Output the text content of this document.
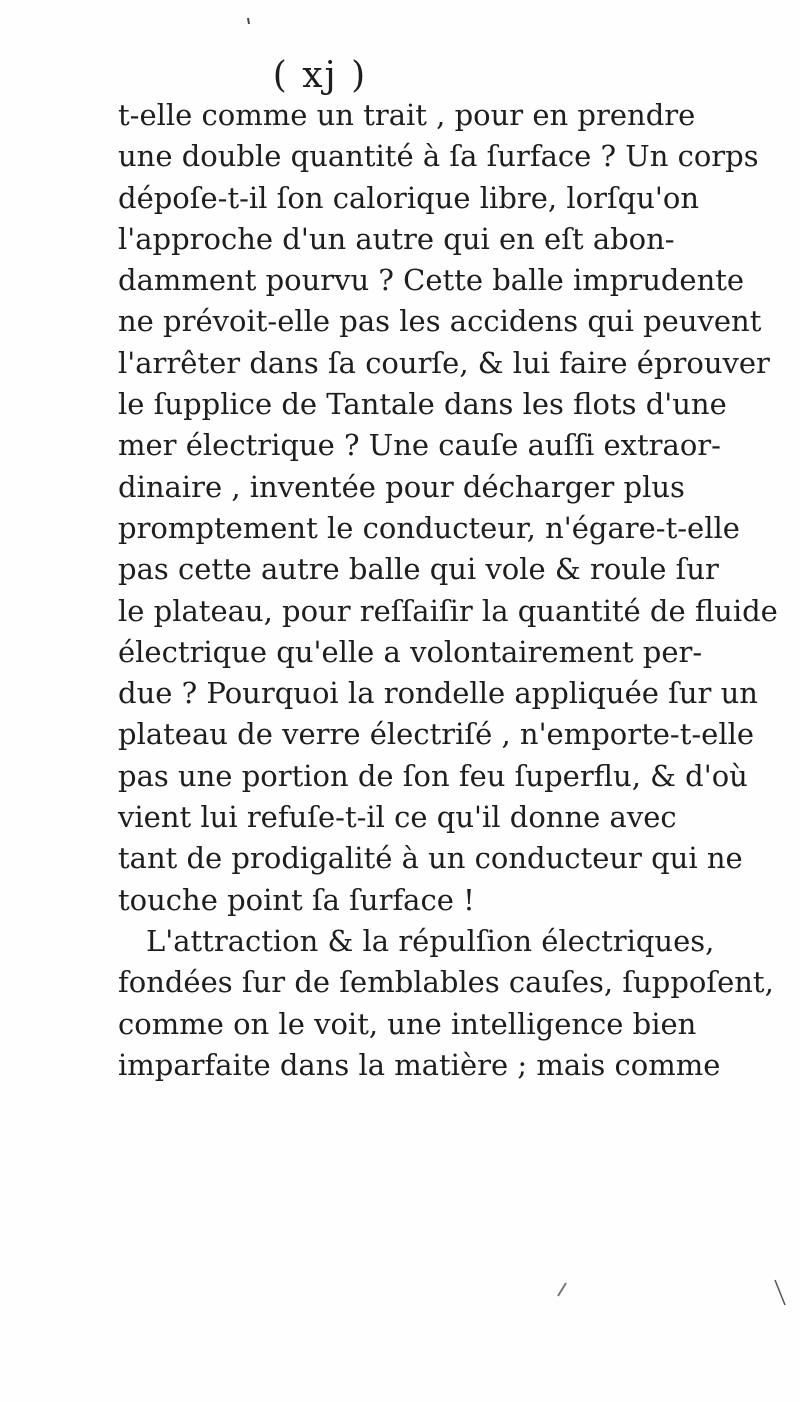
( xj )
t-elle comme un trait , pour en prendre
une double quantité à ſa ſurface ? Un corps
dépoſe-t-il ſon calorique libre, lorſqu'on
l'approche d'un autre qui en eſt abon-
damment pourvu ? Cette balle imprudente
ne prévoit-elle pas les accidens qui peuvent
l'arrêter dans ſa courſe, & lui faire éprouver
le ſupplice de Tantale dans les flots d'une
mer électrique ? Une cauſe auſſi extraor-
dinaire , inventée pour décharger plus
promptement le conducteur, n'égare-t-elle
pas cette autre balle qui vole & roule ſur
le plateau, pour reſſaiſir la quantité de fluide
électrique qu'elle a volontairement per-
due ? Pourquoi la rondelle appliquée ſur un
plateau de verre électriſé , n'emporte-t-elle
pas une portion de ſon feu ſuperflu, & d'où
vient lui refuſe-t-il ce qu'il donne avec
tant de prodigalité à un conducteur qui ne
touche point ſa ſurface !
L'attraction & la répulſion électriques,
fondées ſur de ſemblables cauſes, ſuppoſent,
comme on le voit, une intelligence bien
imparfaite dans la matière ; mais comme
